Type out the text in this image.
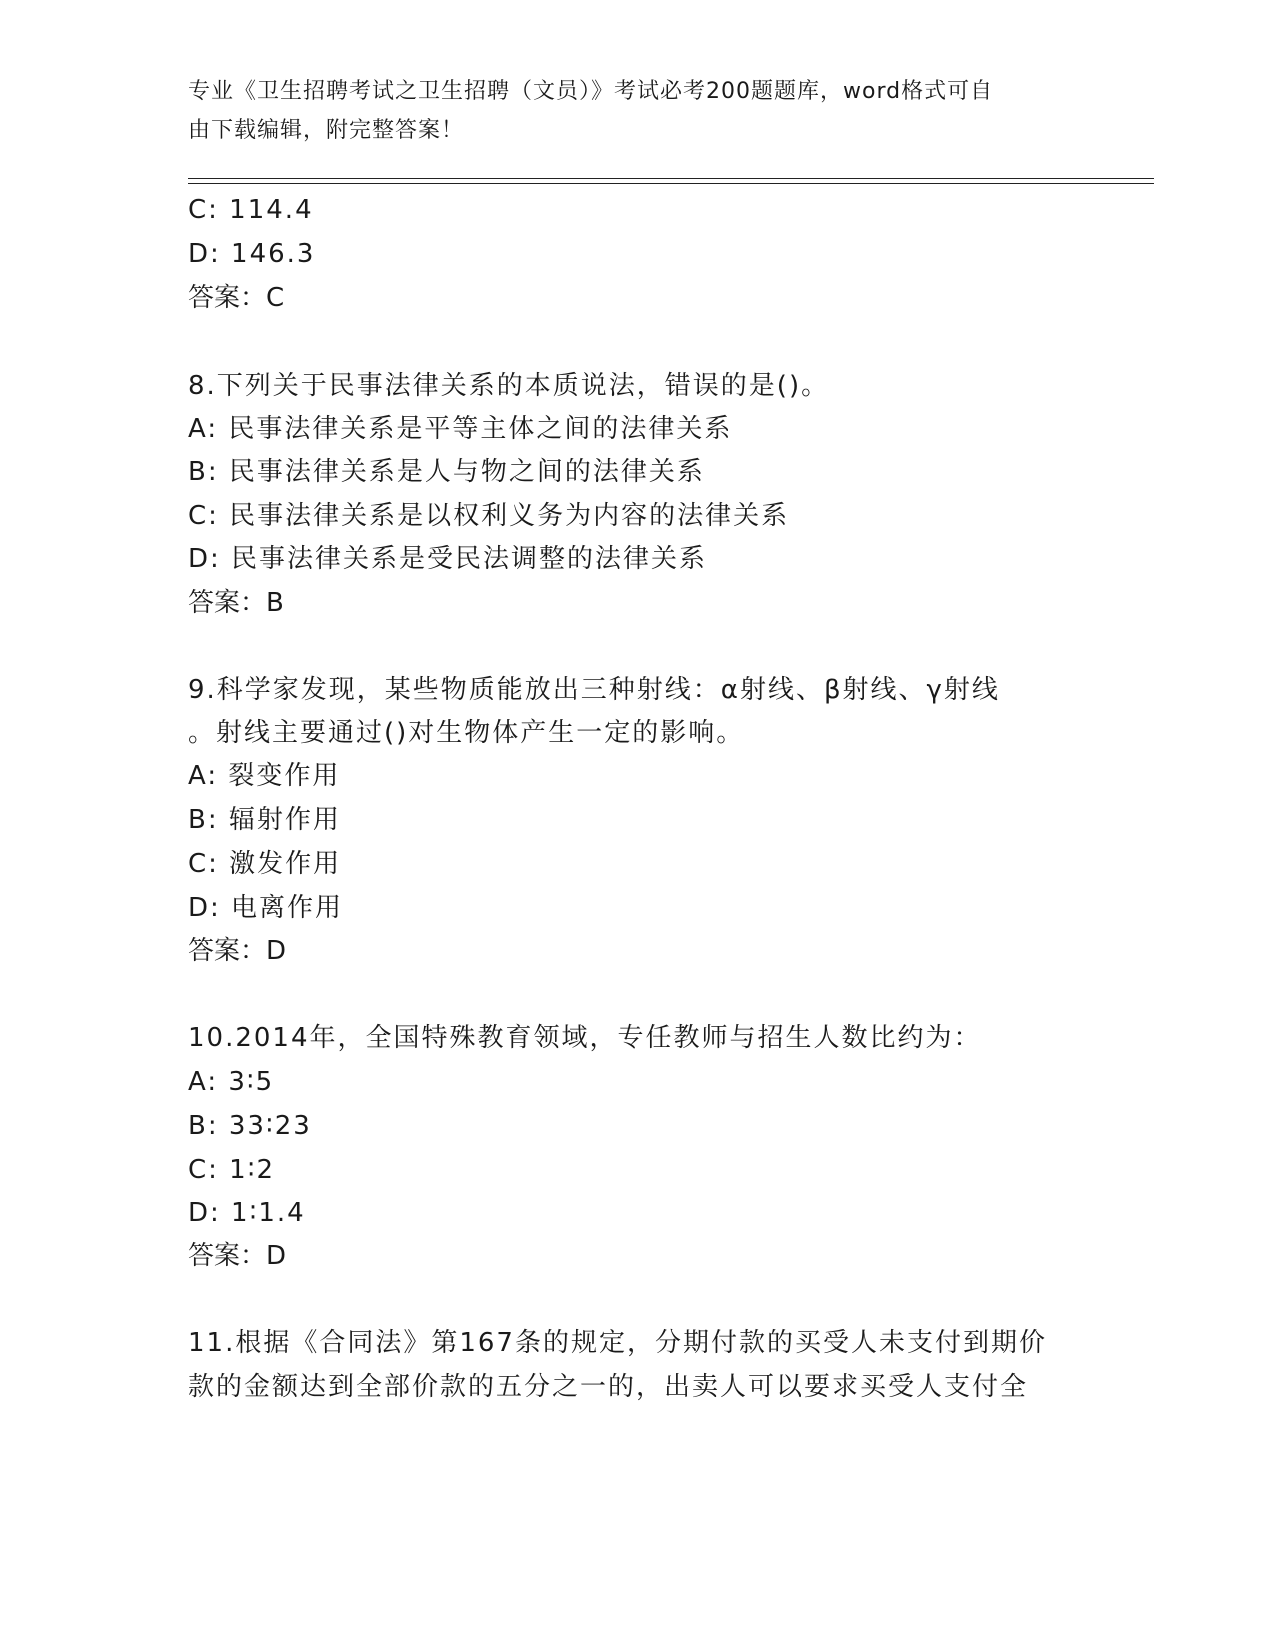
专业《卫生招聘考试之卫生招聘（文员）》考试必考200题题库，word格式可自
由下载编辑，附完整答案！
C: 114.4
D: 146.3
答案：C
8.下列关于民事法律关系的本质说法，错误的是()。
A: 民事法律关系是平等主体之间的法律关系
B: 民事法律关系是人与物之间的法律关系
C: 民事法律关系是以权利义务为内容的法律关系
D: 民事法律关系是受民法调整的法律关系
答案：B
9.科学家发现，某些物质能放出三种射线：α射线、β射线、γ射线
。射线主要通过()对生物体产生一定的影响。
A: 裂变作用
B: 辐射作用
C: 激发作用
D: 电离作用
答案：D
10.2014年，全国特殊教育领域，专任教师与招生人数比约为：
A: 3∶5
B: 33∶23
C: 1∶2
D: 1∶1.4
答案：D
11.根据《合同法》第167条的规定，分期付款的买受人未支付到期价
款的金额达到全部价款的五分之一的，出卖人可以要求买受人支付全
